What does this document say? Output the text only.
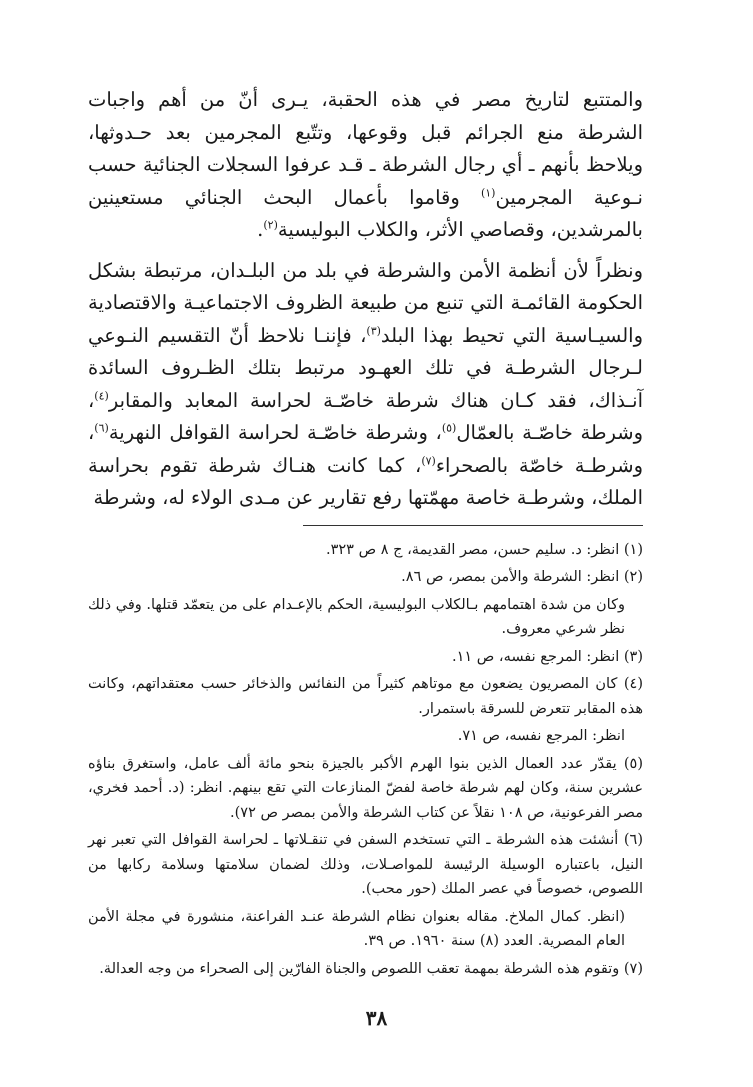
والمتتبع لتاريخ مصر في هذه الحقبة، يـرى أنّ من أهم واجبات الشرطة منع الجرائم قبل وقوعها، وتتّبع المجرمين بعد حـدوثها، ويلاحظ بأنهم ـ أي رجال الشرطة ـ قـد عرفوا السجلات الجنائية حسب نـوعية المجرمين$^{(١)}$ وقاموا بأعمال البحث الجنائي مستعينين بالمرشدين، وقصاصي الأثر، والكلاب البوليسية$^{(٢)}$.

ونظراً لأن أنظمة الأمن والشرطة في بلد من البلـدان، مرتبطة بشكل الحكومة القائمـة التي تنبع من طبيعة الظروف الاجتماعيـة والاقتصادية والسيـاسية التي تحيط بهذا البلد$^{(٣)}$، فإننـا نلاحظ أنّ التقسيم النـوعي لـرجال الشرطـة في تلك العهـود مرتبط بتلك الظـروف السائدة آنـذاك، فقد كـان هناك شرطة خاصّـة لحراسة المعابد والمقابر$^{(٤)}$، وشرطة خاصّـة بالعمّال$^{(٥)}$، وشرطة خاصّـة لحراسة القوافل النهرية$^{(٦)}$، وشرطـة خاصّة بالصحراء$^{(٧)}$، كما كانت هنـاك شرطة تقوم بحراسة الملك، وشرطـة خاصة مهمّتها رفع تقارير عن مـدى الولاء له، وشرطة

(١) انظر: د. سليم حسن، مصر القديمة، ج ٨ ص ٣٢٣.
(٢) انظر: الشرطة والأمن بمصر، ص ٨٦.
وكان من شدة اهتمامهم بـالكلاب البوليسية، الحكم بالإعـدام على من يتعمّد قتلها. وفي ذلك نظر شرعي معروف.
(٣) انظر: المرجع نفسه، ص ١١.
(٤) كان المصريون يضعون مع موتاهم كثيراً من النفائس والذخائر حسب معتقداتهم، وكانت هذه المقابر تتعرض للسرقة باستمرار.
انظر: المرجع نفسه، ص ٧١.
(٥) يقدّر عدد العمال الذين بنوا الهرم الأكبر بالجيزة بنحو مائة ألف عامل، واستغرق بناؤه عشرين سنة، وكان لهم شرطة خاصة لفضّ المنازعات التي تقع بينهم. انظر: (د. أحمد فخري، مصر الفرعونية، ص ١٠٨ نقلاً عن كتاب الشرطة والأمن بمصر ص ٧٢).
(٦) أنشئت هذه الشرطة ـ التي تستخدم السفن في تنقـلاتها ـ لحراسة القوافل التي تعبر نهر النيل، باعتباره الوسيلة الرئيسة للمواصـلات، وذلك لضمان سلامتها وسلامة ركابها من اللصوص، خصوصاً في عصر الملك (حور محب).
(انظر. كمال الملاخ. مقاله بعنوان نظام الشرطة عنـد الفراعنة، منشورة في مجلة الأمن العام المصرية. العدد (٨) سنة ١٩٦٠. ص ٣٩.
(٧) وتقوم هذه الشرطة بمهمة تعقب اللصوص والجناة الفارّين إلى الصحراء من وجه العدالة.
٣٨
